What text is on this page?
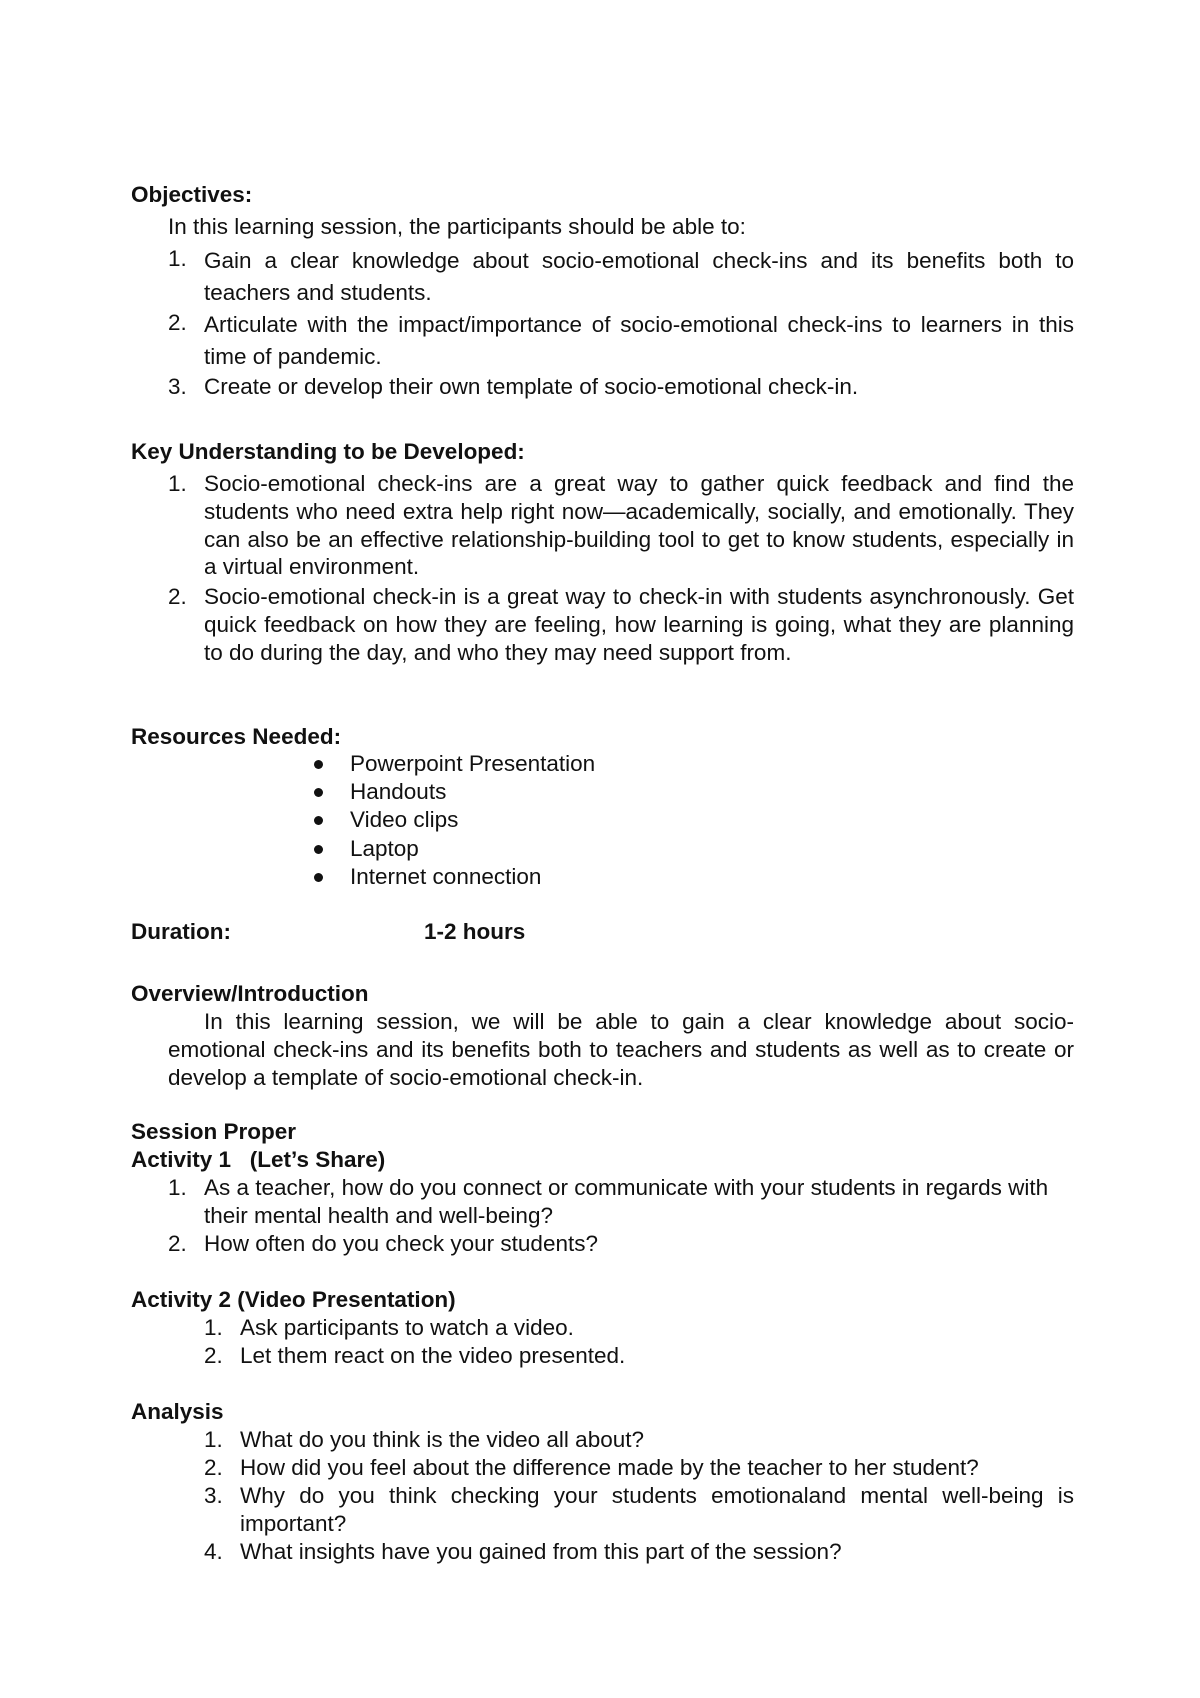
Objectives:
In this learning session, the participants should be able to:
1. Gain a clear knowledge about socio-emotional check-ins and its benefits both to teachers and students.
2. Articulate with the impact/importance of socio-emotional check-ins to learners in this time of pandemic.
3. Create or develop their own template of socio-emotional check-in.
Key Understanding to be Developed:
1. Socio-emotional check-ins are a great way to gather quick feedback and find the students who need extra help right now—academically, socially, and emotionally. They can also be an effective relationship-building tool to get to know students, especially in a virtual environment.
2. Socio-emotional check-in is a great way to check-in with students asynchronously. Get quick feedback on how they are feeling, how learning is going, what they are planning to do during the day, and who they may need support from.
Resources Needed:
Powerpoint Presentation
Handouts
Video clips
Laptop
Internet connection
Duration:	1-2 hours
Overview/Introduction
In this learning session, we will be able to gain a clear knowledge about socio-emotional check-ins and its benefits both to teachers and students as well as to create or develop a template of socio-emotional check-in.
Session Proper
Activity 1   (Let’s Share)
1. As a teacher, how do you connect or communicate with your students in regards with their mental health and well-being?
2. How often do you check your students?
Activity 2 (Video Presentation)
1. Ask participants to watch a video.
2. Let them react on the video presented.
Analysis
1. What do you think is the video all about?
2. How did you feel about the difference made by the teacher to her student?
3. Why do you think checking your students emotionaland mental well-being is important?
4. What insights have you gained from this part of the session?
